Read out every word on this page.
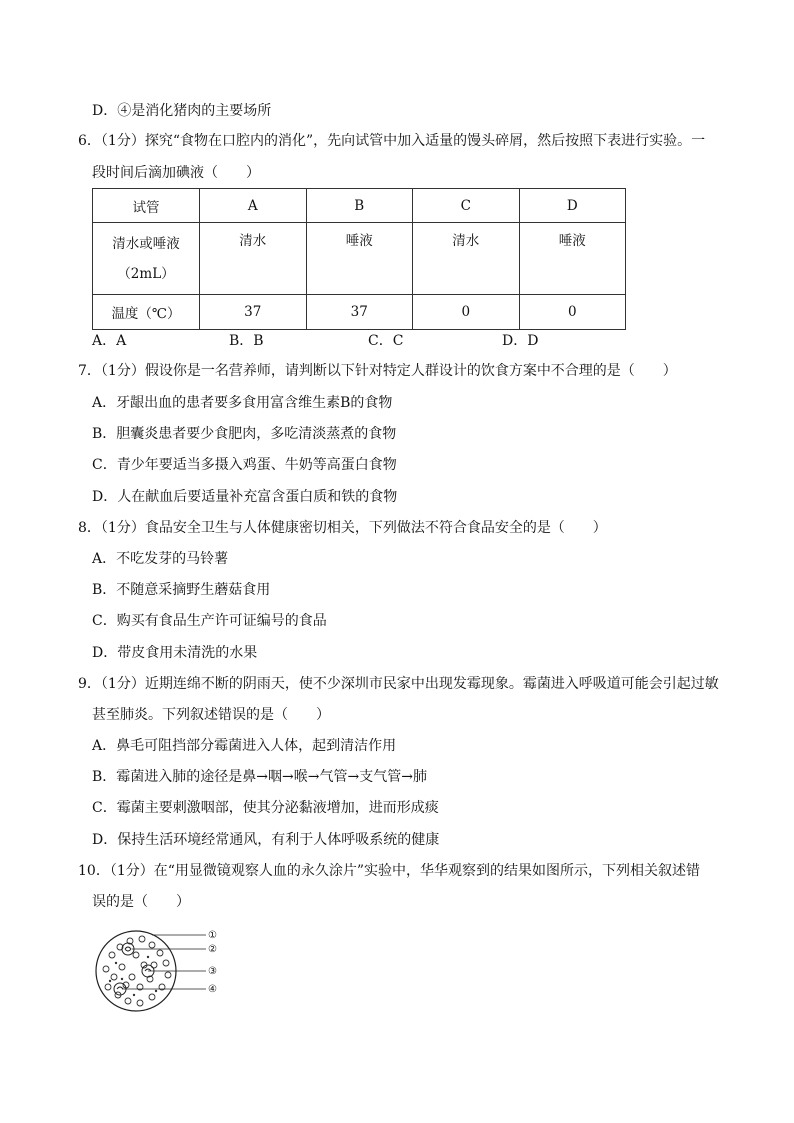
D．④是消化猪肉的主要场所
6．（1分）探究“食物在口腔内的消化”，先向试管中加入适量的馒头碎屑，然后按照下表进行实验。一
段时间后滴加碘液（　　）
试管	A	B	C	D

清水或唾液
（2mL）	清水	唾液	清水	唾液
温度（℃）	37	37	0	0
A．A	B．B	C．C	D．D
7．（1分）假设你是一名营养师，请判断以下针对特定人群设计的饮食方案中不合理的是（　　）
A．牙龈出血的患者要多食用富含维生素B的食物
B．胆囊炎患者要少食肥肉，多吃清淡蒸煮的食物
C．青少年要适当多摄入鸡蛋、牛奶等高蛋白食物
D．人在献血后要适量补充富含蛋白质和铁的食物
8．（1分）食品安全卫生与人体健康密切相关，下列做法不符合食品安全的是（　　）
A．不吃发芽的马铃薯
B．不随意采摘野生蘑菇食用
C．购买有食品生产许可证编号的食品
D．带皮食用未清洗的水果
9．（1分）近期连绵不断的阴雨天，使不少深圳市民家中出现发霉现象。霉菌进入呼吸道可能会引起过敏
甚至肺炎。下列叙述错误的是（　　）
A．鼻毛可阻挡部分霉菌进入人体，起到清洁作用
B．霉菌进入肺的途径是鼻→咽→喉→气管→支气管→肺
C．霉菌主要刺激咽部，使其分泌黏液增加，进而形成痰
D．保持生活环境经常通风，有利于人体呼吸系统的健康
10．（1分）在“用显微镜观察人血的永久涂片”实验中，华华观察到的结果如图所示，下列相关叙述错
误的是（　　）
①
②
③
④
